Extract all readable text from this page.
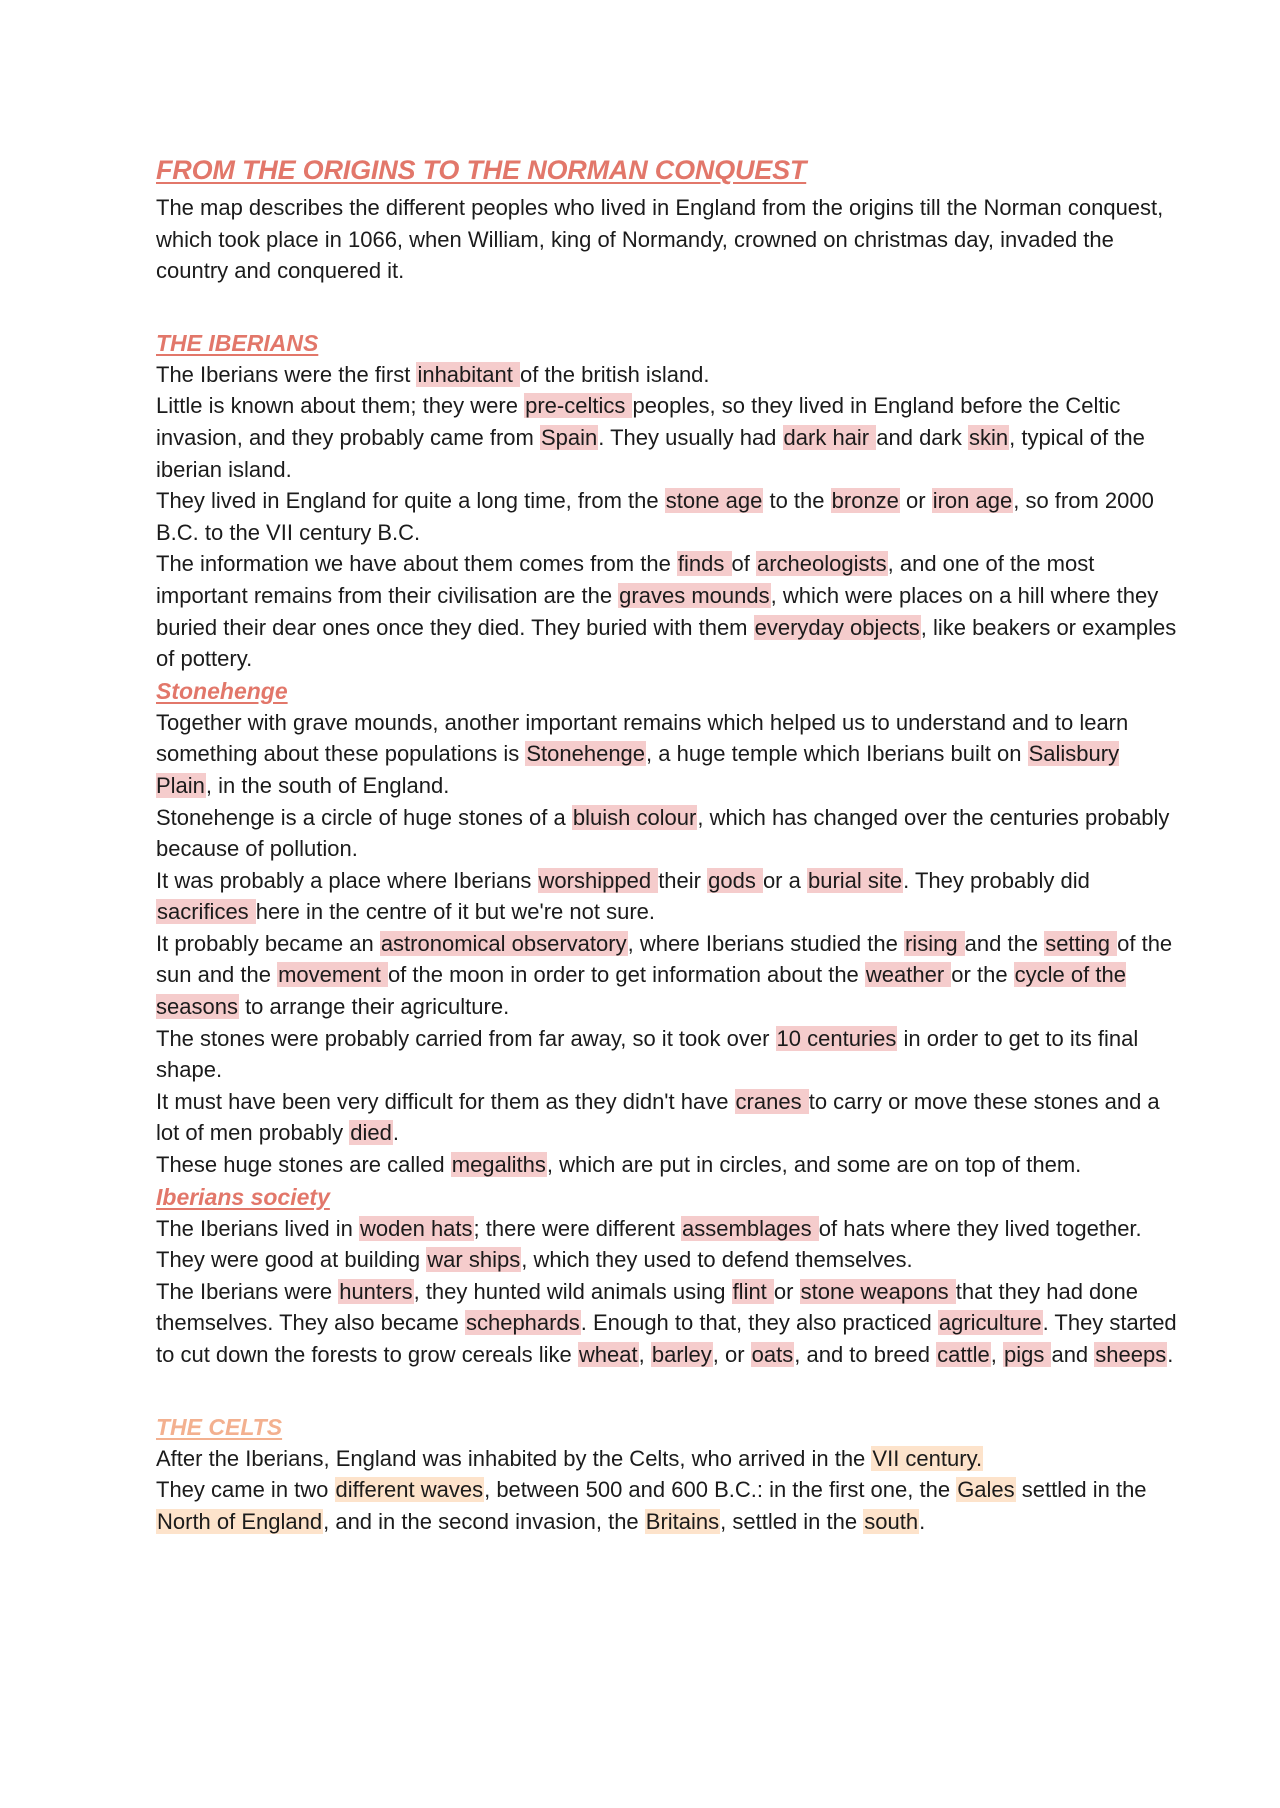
FROM THE ORIGINS TO THE NORMAN CONQUEST

The map describes the different peoples who lived in England from the origins till the Norman conquest, which took place in 1066, when William, king of Normandy, crowned on christmas day, invaded the country and conquered it.

THE IBERIANS

The Iberians were the first inhabitant of the british island.

Little is known about them; they were pre-celtics peoples, so they lived in England before the Celtic invasion, and they probably came from Spain. They usually had dark hair and dark skin, typical of the iberian island.

They lived in England for quite a long time, from the stone age to the bronze or iron age, so from 2000 B.C. to the VII century B.C.

The information we have about them comes from the finds of archeologists, and one of the most important remains from their civilisation are the graves mounds, which were places on a hill where they buried their dear ones once they died. They buried with them everyday objects, like beakers or examples of pottery.

Stonehenge

Together with grave mounds, another important remains which helped us to understand and to learn something about these populations is Stonehenge, a huge temple which Iberians built on Salisbury Plain, in the south of England.

Stonehenge is a circle of huge stones of a bluish colour, which has changed over the centuries probably because of pollution.

It was probably a place where Iberians worshipped their gods or a burial site. They probably did sacrifices here in the centre of it but we're not sure.

It probably became an astronomical observatory, where Iberians studied the rising and the setting of the sun and the movement of the moon in order to get information about the weather or the cycle of the seasons to arrange their agriculture.

The stones were probably carried from far away, so it took over 10 centuries in order to get to its final shape.

It must have been very difficult for them as they didn't have cranes to carry or move these stones and a lot of men probably died.

These huge stones are called megaliths, which are put in circles, and some are on top of them.

Iberians society

The Iberians lived in woden hats; there were different assemblages of hats where they lived together.

They were good at building war ships, which they used to defend themselves.

The Iberians were hunters, they hunted wild animals using flint or stone weapons that they had done themselves. They also became schephards. Enough to that, they also practiced agriculture. They started to cut down the forests to grow cereals like wheat, barley, or oats, and to breed cattle, pigs and sheeps.

THE CELTS

After the Iberians, England was inhabited by the Celts, who arrived in the VII century.

They came in two different waves, between 500 and 600 B.C.: in the first one, the Gales settled in the North of England, and in the second invasion, the Britains, settled in the south.
